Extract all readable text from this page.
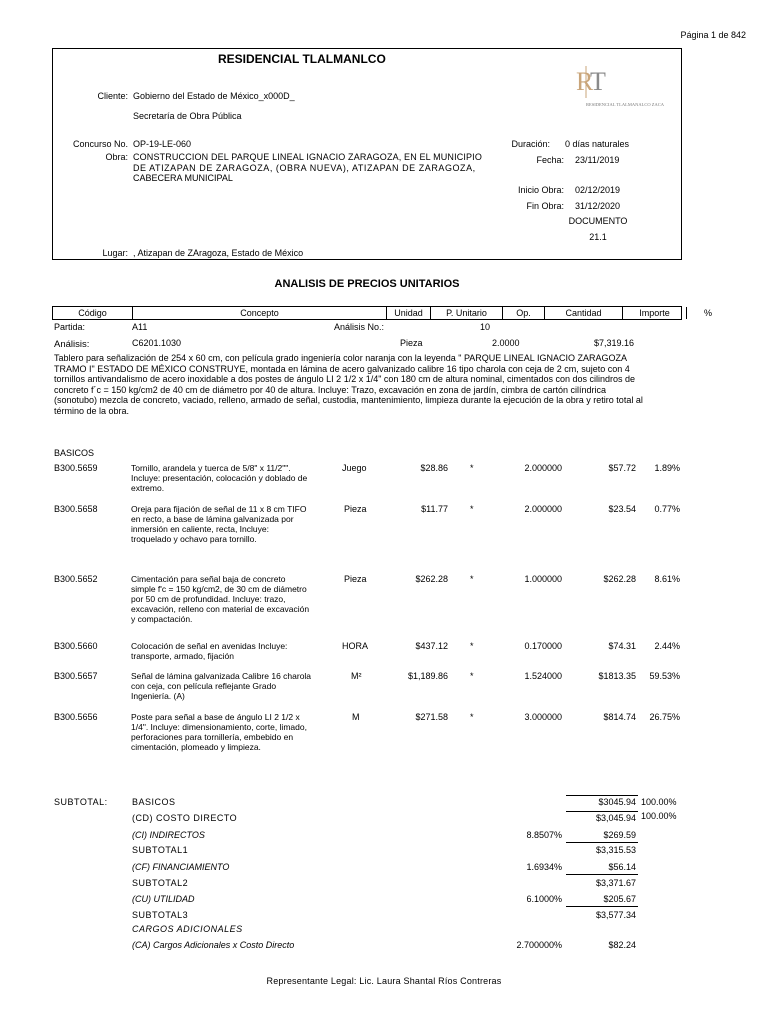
Página 1 de 842
RESIDENCIAL TLALMANLCO
R
T
RESIDENCIAL TLALMANALCO ZACA
Cliente: Gobierno del Estado de México_x000D_
Secretaría de Obra Pública
Concurso No. OP-19-LE-060
Obra: CONSTRUCCION DEL PARQUE LINEAL IGNACIO ZARAGOZA, EN EL MUNICIPIO
DE ATIZAPAN DE ZARAGOZA, (OBRA NUEVA), ATIZAPAN DE ZARAGOZA,
CABECERA MUNICIPAL
Duración: 0 días naturales
Fecha: 23/11/2019
Inicio Obra: 02/12/2019
Fin Obra: 31/12/2020
DOCUMENTO
21.1
Lugar: , Atizapan de ZAragoza, Estado de México
ANALISIS DE PRECIOS UNITARIOS
Código	Concepto	Unidad	P. Unitario	Op.	Cantidad	Importe	%
Partida:	A11	Análisis No.:	10
Análisis:	C6201.1030	Pieza	2.0000	$7,319.16
Tablero para señalización de 254 x 60 cm, con película grado ingeniería color naranja con la leyenda " PARQUE LINEAL IGNACIO ZARAGOZA
TRAMO I" ESTADO DE MÉXICO CONSTRUYE, montada en lámina de acero galvanizado calibre 16 tipo charola con ceja de 2 cm, sujeto con 4
tornillos antivandalismo de acero inoxidable a dos postes de ángulo LI 2 1/2 x 1/4" con 180 cm de altura nominal, cimentados con dos cilindros de
concreto f´c = 150 kg/cm2 de 40 cm de diámetro por 40 de altura. Incluye: Trazo, excavación en zona de jardín, cimbra de cartón cilíndrica
(sonotubo) mezcla de concreto, vaciado, relleno, armado de señal, custodia, mantenimiento, limpieza durante la ejecución de la obra y retiro total al
término de la obra.
BASICOS
B300.5659	Tornillo, arandela y tuerca de 5/8" x 11/2"".
Incluye: presentación, colocación y doblado de
extremo.
Juego	$28.86 *	2.000000	$57.72	1.89%
B300.5658	Oreja para fijación de señal de 11 x 8 cm TIFO
en recto, a base de lámina galvanizada por
inmersión en caliente, recta, Incluye:
troquelado y ochavo para tornillo.
Pieza	$11.77 *	2.000000	$23.54	0.77%
B300.5652	Cimentación para señal baja de concreto
simple f'c = 150 kg/cm2, de 30 cm de diámetro
por 50 cm de profundidad. Incluye: trazo,
excavación, relleno con material de excavación
y compactación.
Pieza	$262.28 *	1.000000	$262.28	8.61%
B300.5660	Colocación de señal en avenidas Incluye:
transporte, armado, fijación
HORA	$437.12 *	0.170000	$74.31	2.44%
B300.5657	Señal de lámina galvanizada Calibre 16 charola
con ceja, con película reflejante Grado
Ingeniería. (A)
M²	$1,189.86 *	1.524000	$1813.35	59.53%
B300.5656	Poste para señal a base de ángulo LI 2 1/2 x
1/4". Incluye: dimensionamiento, corte, limado,
perforaciones para tornillería, embebido en
cimentación, plomeado y limpieza.
M	$271.58 *	3.000000	$814.74	26.75%
SUBTOTAL:	BASICOS	$3045.94 100.00%
(CD) COSTO DIRECTO	$3,045.94 100.00%
(CI) INDIRECTOS	8.8507%	$269.59
SUBTOTAL1	$3,315.53
(CF) FINANCIAMIENTO	1.6934%	$56.14
SUBTOTAL2	$3,371.67
(CU) UTILIDAD	6.1000%	$205.67
SUBTOTAL3	$3,577.34
CARGOS ADICIONALES
(CA) Cargos Adicionales x Costo Directo	2.700000%	$82.24
Representante Legal: Lic. Laura Shantal Ríos Contreras
